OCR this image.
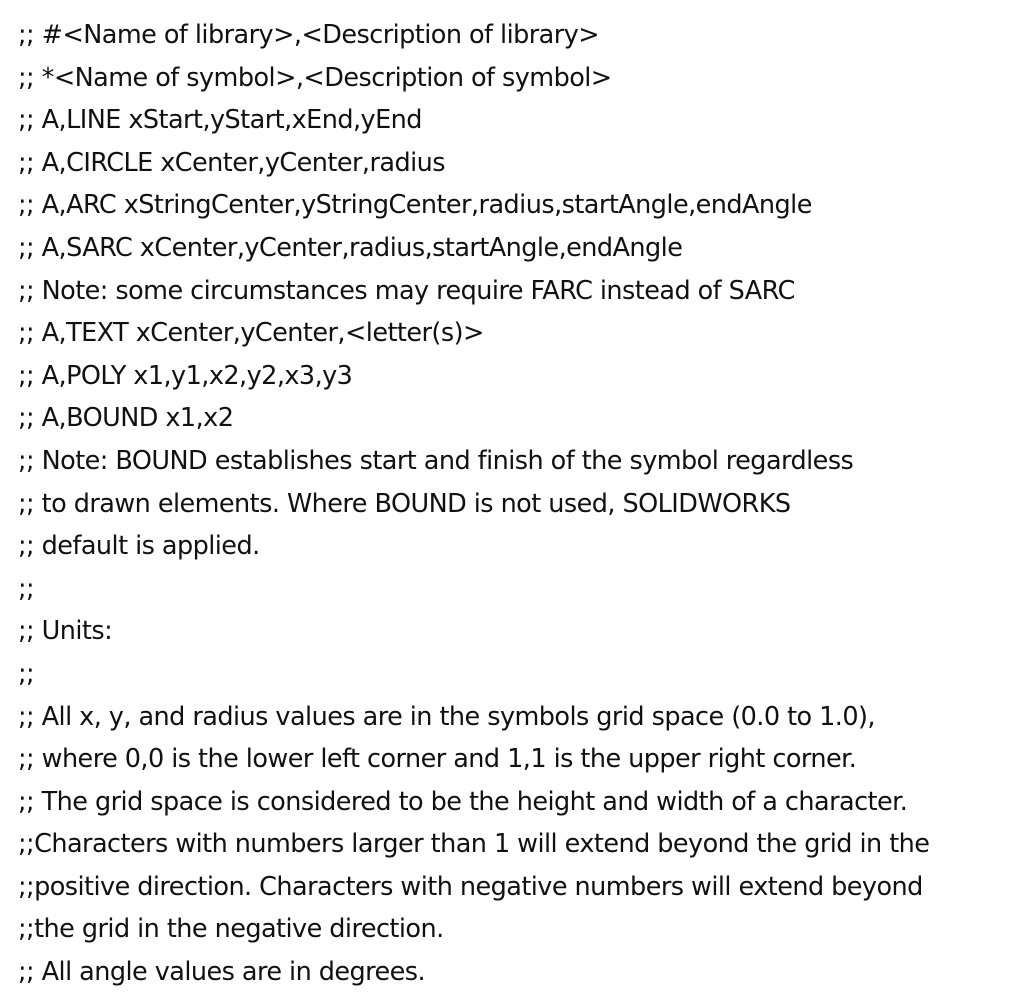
;; #<Name of library>,<Description of library>
;; *<Name of symbol>,<Description of symbol>
;; A,LINE xStart,yStart,xEnd,yEnd
;; A,CIRCLE xCenter,yCenter,radius
;; A,ARC xStringCenter,yStringCenter,radius,startAngle,endAngle
;; A,SARC xCenter,yCenter,radius,startAngle,endAngle
;; Note: some circumstances may require FARC instead of SARC
;; A,TEXT xCenter,yCenter,<letter(s)>
;; A,POLY x1,y1,x2,y2,x3,y3
;; A,BOUND x1,x2
;; Note: BOUND establishes start and finish of the symbol regardless
;; to drawn elements. Where BOUND is not used, SOLIDWORKS
;; default is applied.
;;
;; Units:
;;
;; All x, y, and radius values are in the symbols grid space (0.0 to 1.0),
;; where 0,0 is the lower left corner and 1,1 is the upper right corner.
;; The grid space is considered to be the height and width of a character.
;;Characters with numbers larger than 1 will extend beyond the grid in the
;;positive direction. Characters with negative numbers will extend beyond
;;the grid in the negative direction.
;; All angle values are in degrees.
